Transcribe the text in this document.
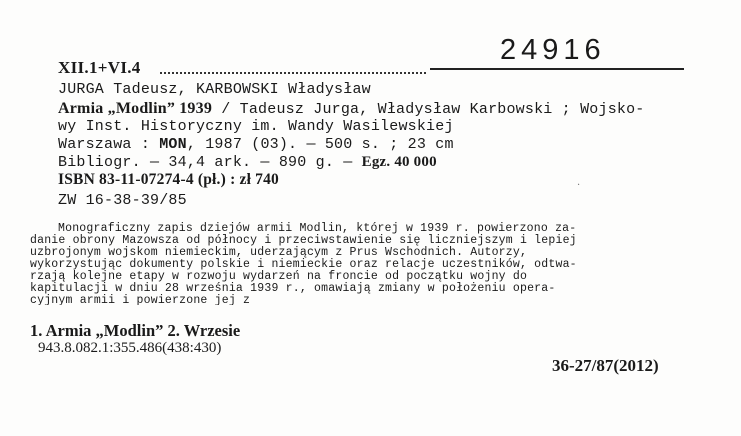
XII.1+VI.4
24916
JURGA Tadeusz, KARBOWSKI Władysław
Armia „Modlin” 1939 / Tadeusz Jurga, Władysław Karbowski ; Wojsko-
wy Inst. Historyczny im. Wandy Wasilewskiej
Warszawa : MON, 1987 (03). — 500 s. ; 23 cm
Bibliogr. — 34,4 ark. — 890 g. — Egz. 40 000
ISBN 83-11-07274-4 (pł.) : zł 740	·
ZW 16-38-39/85
Monograficzny zapis dziejów armii Modlin, której w 1939 r. powierzono za-
danie obrony Mazowsza od północy i przeciwstawienie się liczniejszym i lepiej
uzbrojonym wojskom niemieckim, uderzającym z Prus Wschodnich. Autorzy,
wykorzystując dokumenty polskie i niemieckie oraz relacje uczestników, odtwa-
rzają kolejne etapy w rozwoju wydarzeń na froncie od początku wojny do
kapitulacji w dniu 28 września 1939 r., omawiają zmiany w położeniu opera-
cyjnym armii i powierzone jej z
1. Armia „Modlin” 2. Wrzesie
943.8.082.1:355.486(438:430)
36-27/87(2012)
